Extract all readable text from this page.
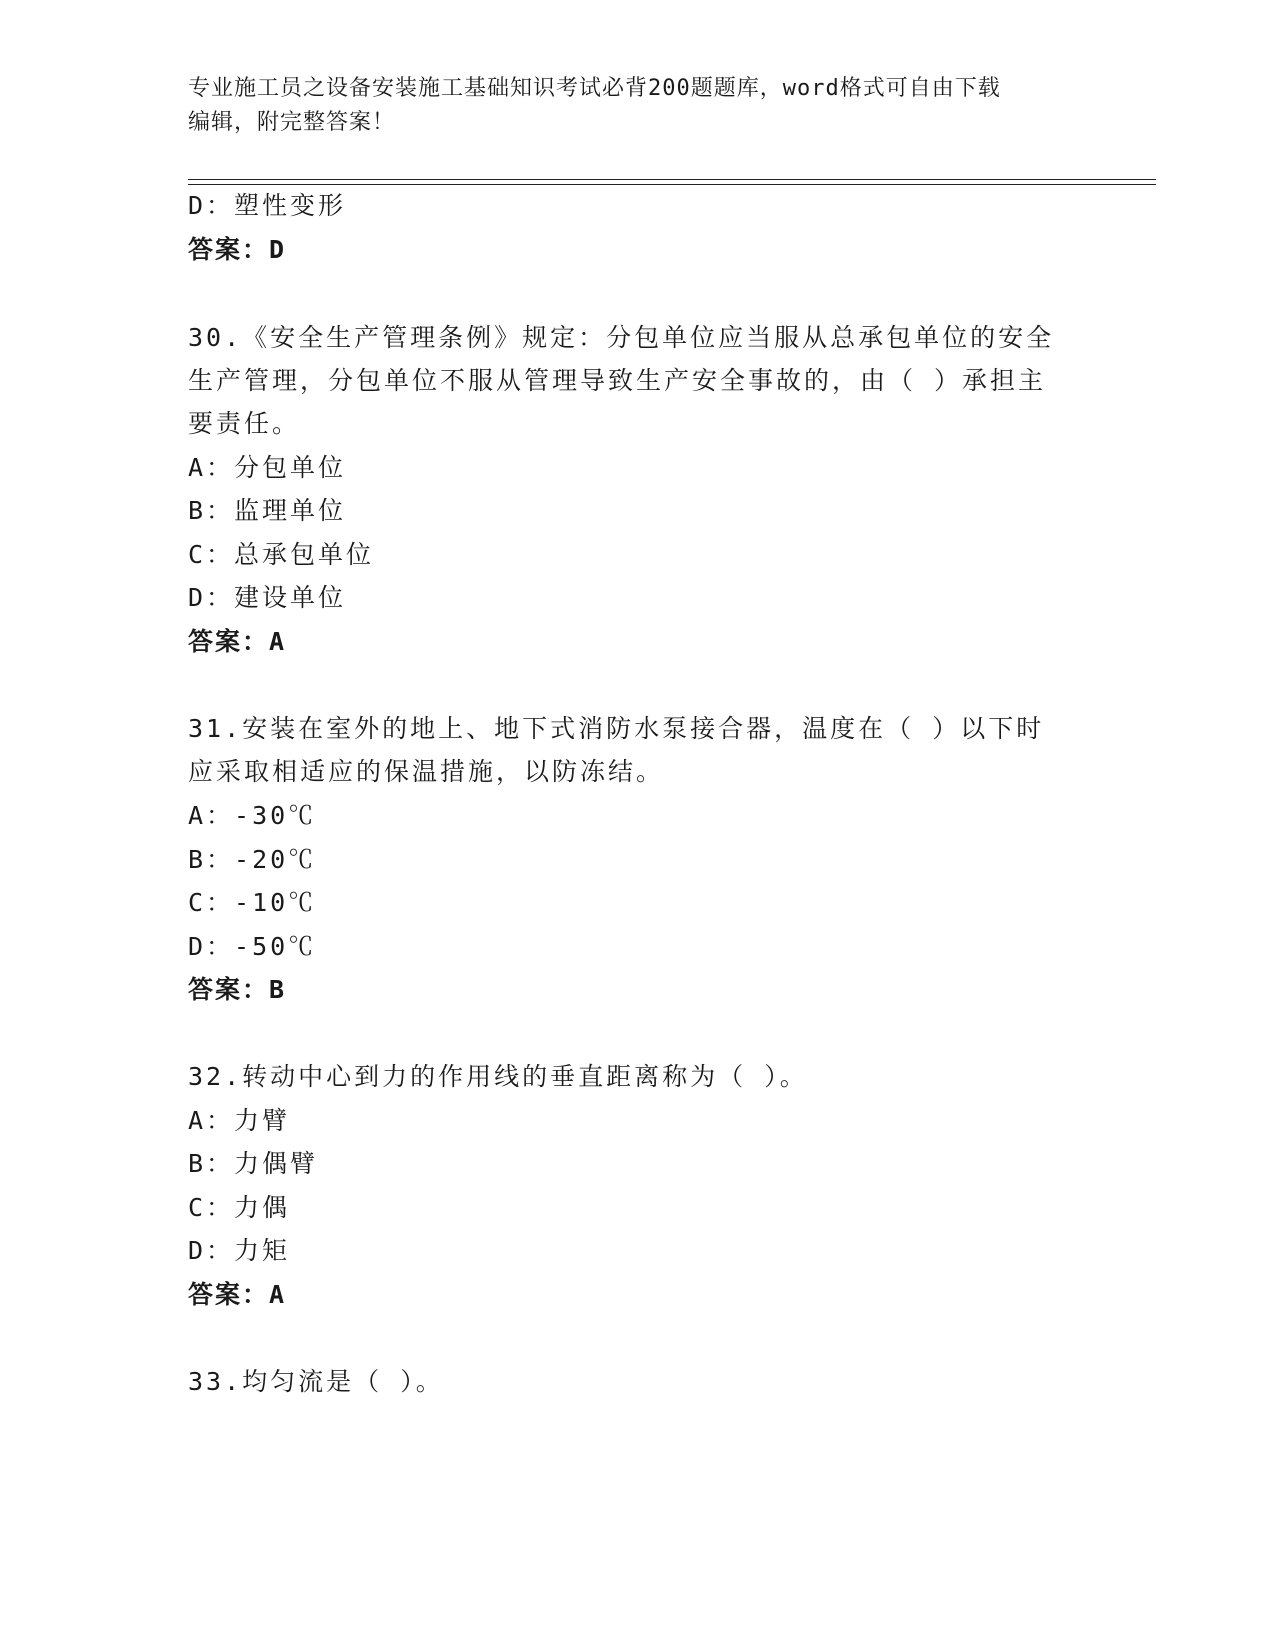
专业施工员之设备安装施工基础知识考试必背200题题库，word格式可自由下载
编辑，附完整答案！
D：塑性变形
答案：D
30.《安全生产管理条例》规定：分包单位应当服从总承包单位的安全
生产管理，分包单位不服从管理导致生产安全事故的，由（ ）承担主
要责任。
A：分包单位
B：监理单位
C：总承包单位
D：建设单位
答案：A
31.安装在室外的地上、地下式消防水泵接合器，温度在（ ）以下时
应采取相适应的保温措施，以防冻结。
A：-30℃
B：-20℃
C：-10℃
D：-50℃
答案：B
32.转动中心到力的作用线的垂直距离称为（ ）。
A：力臂
B：力偶臂
C：力偶
D：力矩
答案：A
33.均匀流是（ ）。
